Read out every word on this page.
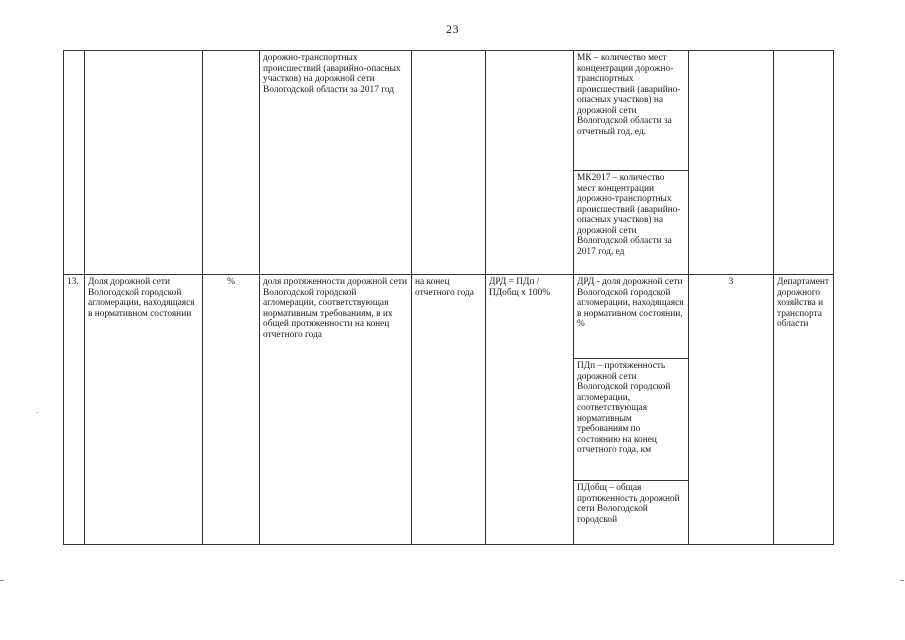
23
.
			дорожно-транспортных происшествий (аварийно-опасных участков) на дорожной сети Вологодской области за 2017 год			МК – количество мест концентрации дорожно-транспортных происшествий (аварийно-опасных участков) на дорожной сети Вологодской области за отчетный год, ед.		
						МК2017 – количество мест концентрации дорожно-транспортных происшествий (аварийно-опасных участков) на дорожной сети Вологодской области за 2017 год, ед		
13.	Доля дорожной сети Вологодской городской агломерации, находящаяся в нормативном состоянии	%	доля протяженности дорожной сети Вологодской городской агломерации, соответствующая нормативным требованиям, в их общей протяженности на конец отчетного года	на конец отчетного года	ДРД = ПДп / ПДобщ х 100%	ДРД - доля дорожной сети Вологодской городской агломерации, находящаяся в нормативном состоянии, %	3	Департамент дорожного хозяйства и транспорта области
						ПДп – протяженность дорожной сети Вологодской городской агломерации, соответствующая нормативным требованиям по состоянию на конец отчетного года, км		
						ПДобщ – общая протяженность дорожной сети Вологодской городской		
